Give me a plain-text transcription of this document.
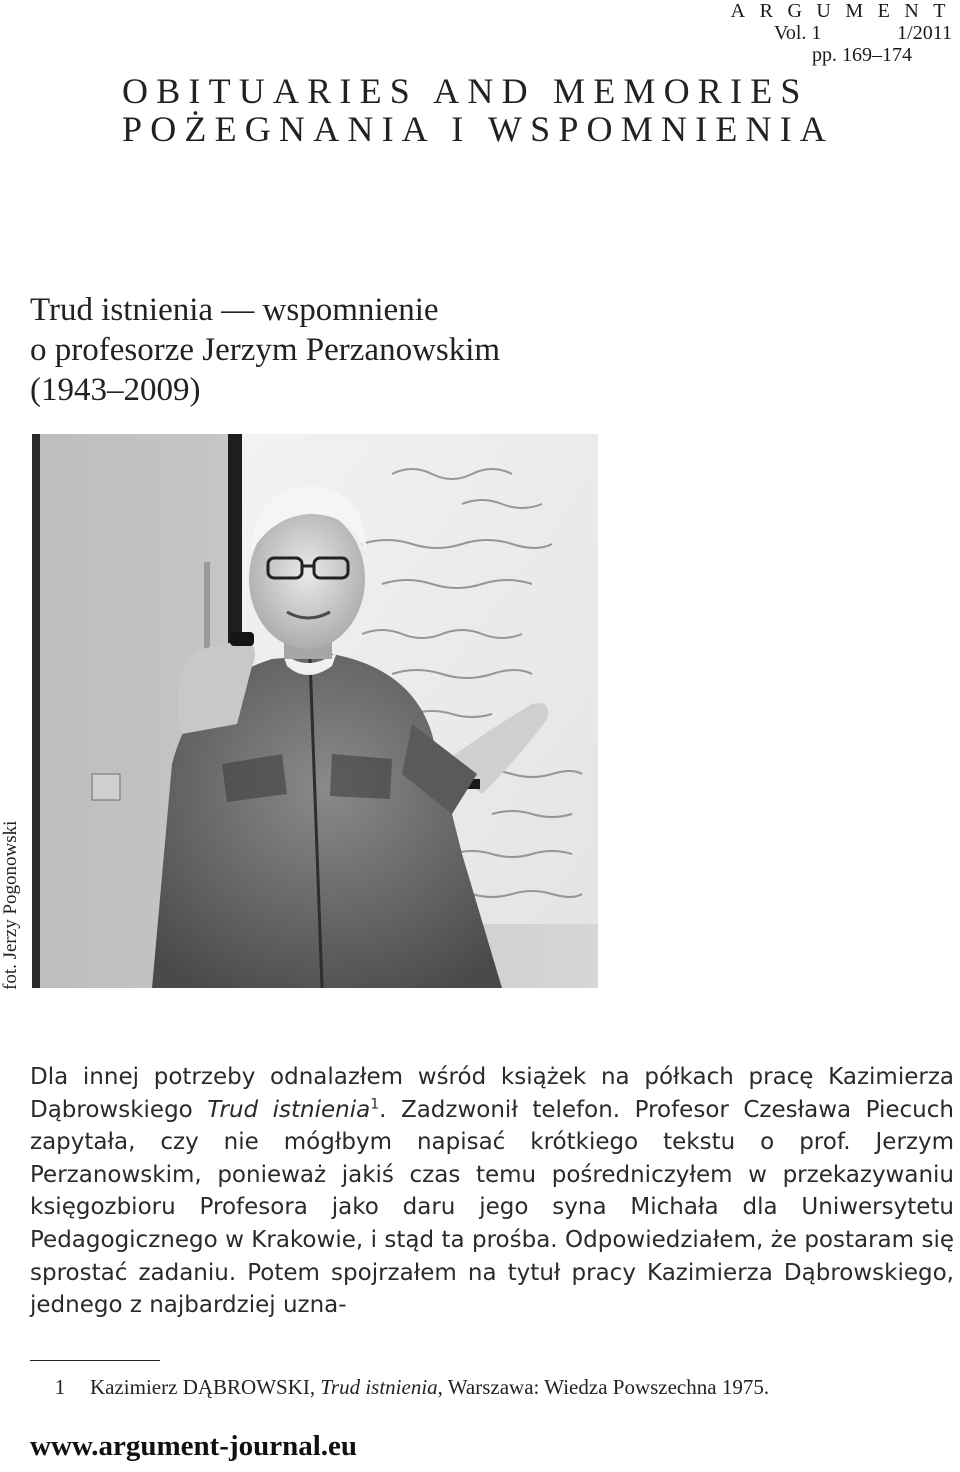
ARGUMENT
Vol. 1	1/2011
pp. 169–174
OBITUARIES AND MEMORIES
POŻEGNANIA I WSPOMNIENIA
Trud istnienia — wspomnienie
o profesorze Jerzym Perzanowskim
(1943–2009)
fot. Jerzy Pogonowski

Dla innej potrzeby odnalazłem wśród książek na półkach pracę Kazimierza Dąbrowskiego Trud istnienia$^1$. Zadzwonił telefon. Profesor Czesława Piecuch zapytała, czy nie mógłbym napisać krótkiego tekstu o prof. Jerzym Perzanowskim, ponieważ jakiś czas temu pośredniczyłem w przekazywaniu księgozbioru Profesora jako daru jego syna Michała dla Uniwersytetu Pedagogicznego w Krakowie, i stąd ta prośba. Odpowiedziałem, że postaram się sprostać zadaniu. Potem spojrzałem na tytuł pracy Kazimierza Dąbrowskiego, jednego z najbardziej uzna-

1 Kazimierz DĄBROWSKI, Trud istnienia, Warszawa: Wiedza Powszechna 1975.
www.argument-journal.eu
